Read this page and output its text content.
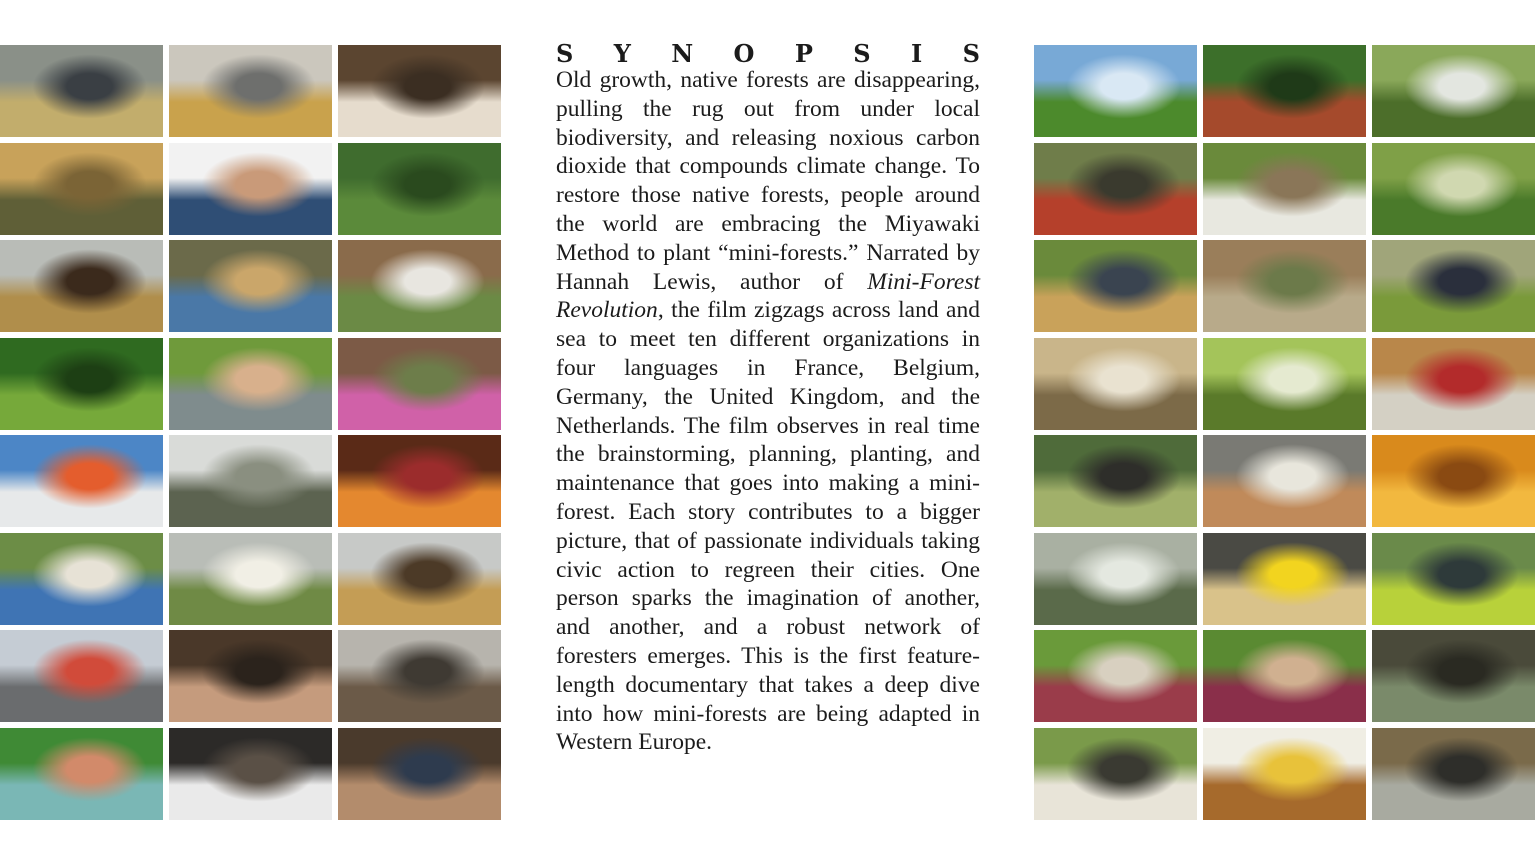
S Y N O P S I S

Old growth, native forests are disappearing, pulling the rug out from under local biodiversity, and releasing noxious carbon dioxide that compounds climate change. To restore those native forests, people around the world are embracing the Miyawaki Method to plant “mini-forests.” Narrated by Hannah Lewis, author of Mini-Forest Revolution, the film zigzags across land and sea to meet ten different organizations in four languages in France, Belgium, Germany, the United Kingdom, and the Netherlands. The film observes in real time the brainstorming, planning, planting, and maintenance that goes into making a mini-forest. Each story contributes to a bigger picture, that of passionate individuals taking civic action to regreen their cities. One person sparks the imagination of another, and another, and a robust network of foresters emerges. This is the first feature-length documentary that takes a deep dive into how mini-forests are being adapted in Western Europe.
